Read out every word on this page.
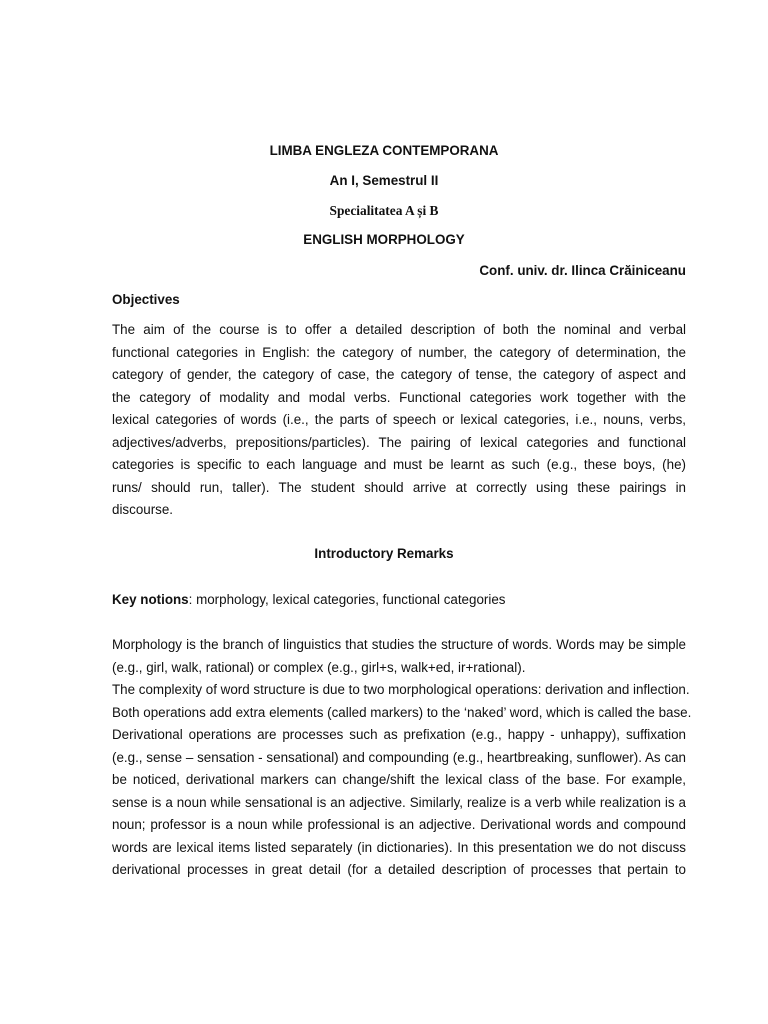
LIMBA ENGLEZA CONTEMPORANA
An I, Semestrul II
Specialitatea A și B
ENGLISH MORPHOLOGY
Conf. univ. dr. Ilinca Crăiniceanu
Objectives
The aim of the course is to offer a detailed description of both the nominal and verbal
functional categories in English: the category of number, the category of determination, the
category of gender, the category of case, the category of tense, the category of aspect and
the category of modality and modal verbs. Functional categories work together with the
lexical categories of words (i.e., the parts of speech or lexical categories, i.e., nouns, verbs,
adjectives/adverbs, prepositions/particles). The pairing of lexical categories and functional
categories is specific to each language and must be learnt as such (e.g., these boys, (he)
runs/ should run, taller). The student should arrive at correctly using these pairings in
discourse.
Introductory Remarks
Key notions: morphology, lexical categories, functional categories
Morphology is the branch of linguistics that studies the structure of words. Words may be simple
(e.g., girl, walk, rational) or complex (e.g., girl+s, walk+ed, ir+rational).
The complexity of word structure is due to two morphological operations: derivation and inflection.
Both operations add extra elements (called markers) to the ‘naked’ word, which is called the base.
Derivational operations are processes such as prefixation (e.g., happy - unhappy), suffixation
(e.g., sense – sensation - sensational) and compounding (e.g., heartbreaking, sunflower). As can
be noticed, derivational markers can change/shift the lexical class of the base. For example,
sense is a noun while sensational is an adjective. Similarly, realize is a verb while realization is a
noun; professor is a noun while professional is an adjective. Derivational words and compound
words are lexical items listed separately (in dictionaries). In this presentation we do not discuss
derivational processes in great detail (for a detailed description of processes that pertain to
